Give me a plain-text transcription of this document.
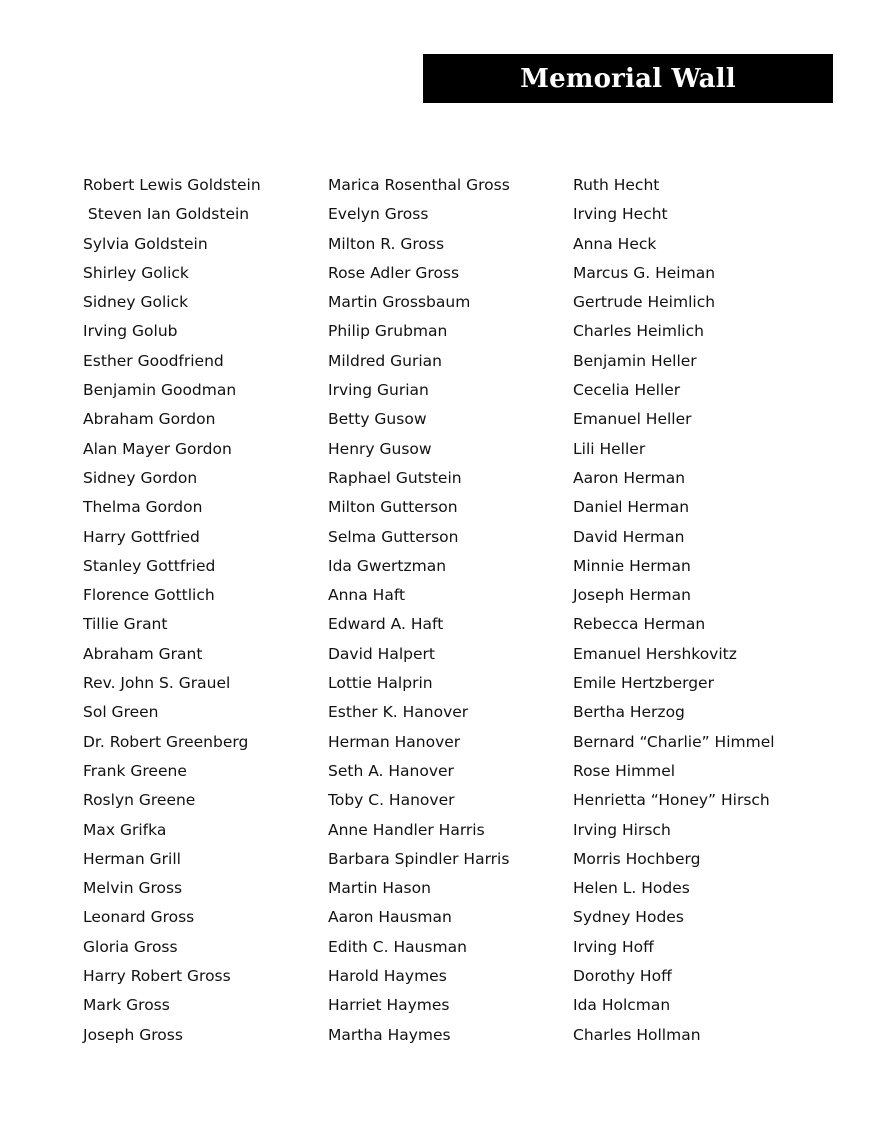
Memorial Wall
Robert Lewis Goldstein
Steven Ian Goldstein
Sylvia Goldstein
Shirley Golick
Sidney Golick
Irving Golub
Esther Goodfriend
Benjamin Goodman
Abraham Gordon
Alan Mayer Gordon
Sidney Gordon
Thelma Gordon
Harry Gottfried
Stanley Gottfried
Florence Gottlich
Tillie Grant
Abraham Grant
Rev. John S. Grauel
Sol Green
Dr. Robert Greenberg
Frank Greene
Roslyn Greene
Max Grifka
Herman Grill
Melvin Gross
Leonard Gross
Gloria Gross
Harry Robert Gross
Mark Gross
Joseph Gross
Marica Rosenthal Gross
Evelyn Gross
Milton R. Gross
Rose Adler Gross
Martin Grossbaum
Philip Grubman
Mildred Gurian
Irving Gurian
Betty Gusow
Henry Gusow
Raphael Gutstein
Milton Gutterson
Selma Gutterson
Ida Gwertzman
Anna Haft
Edward A. Haft
David Halpert
Lottie Halprin
Esther K. Hanover
Herman Hanover
Seth A. Hanover
Toby C. Hanover
Anne Handler Harris
Barbara Spindler Harris
Martin Hason
Aaron Hausman
Edith C. Hausman
Harold Haymes
Harriet Haymes
Martha Haymes
Ruth Hecht
Irving Hecht
Anna Heck
Marcus G. Heiman
Gertrude Heimlich
Charles Heimlich
Benjamin Heller
Cecelia Heller
Emanuel Heller
Lili Heller
Aaron Herman
Daniel Herman
David Herman
Minnie Herman
Joseph Herman
Rebecca Herman
Emanuel Hershkovitz
Emile Hertzberger
Bertha Herzog
Bernard “Charlie” Himmel
Rose Himmel
Henrietta “Honey” Hirsch
Irving Hirsch
Morris Hochberg
Helen L. Hodes
Sydney Hodes
Irving Hoff
Dorothy Hoff
Ida Holcman
Charles Hollman
